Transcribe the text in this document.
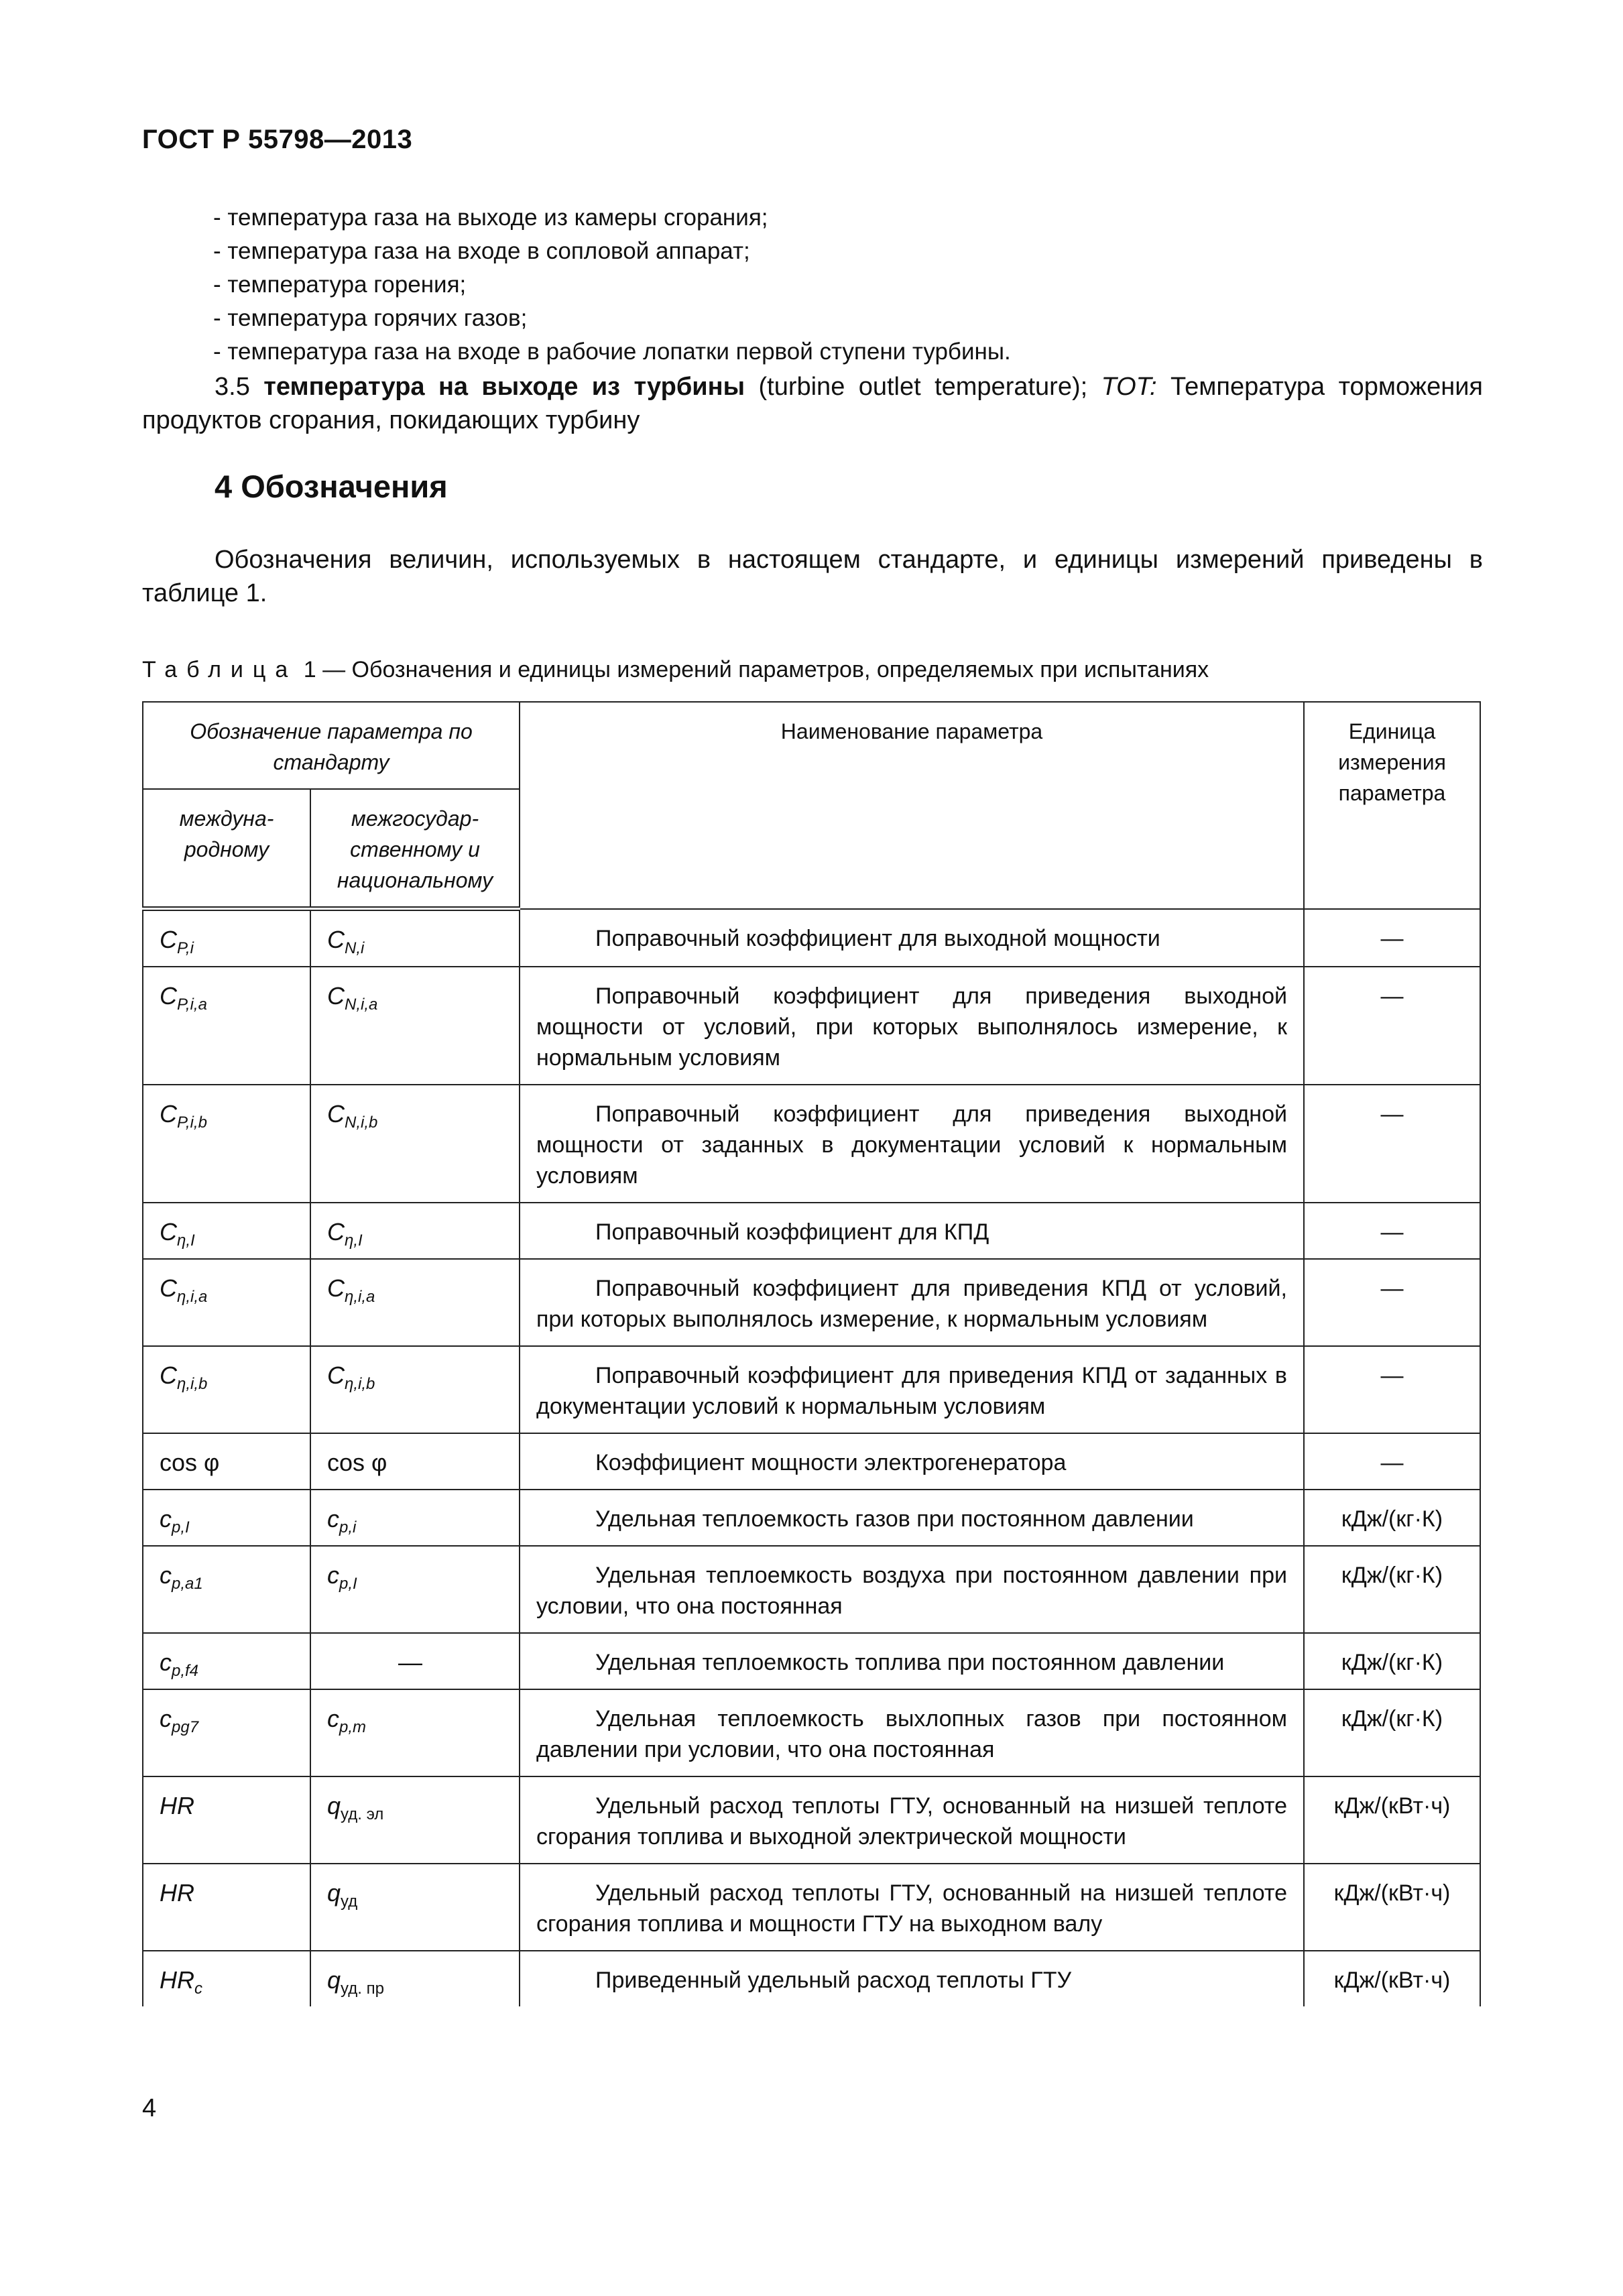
ГОСТ Р 55798—2013
- температура газа на выходе из камеры сгорания;
- температура газа на входе в сопловой аппарат;
- температура горения;
- температура горячих газов;
- температура газа на входе в рабочие лопатки первой ступени турбины.
3.5 температура на выходе из турбины (turbine outlet temperature); TOT: Температура торможения продуктов сгорания, покидающих турбину
4 Обозначения
Обозначения величин, используемых в настоящем стандарте, и единицы измерений приведены в таблице 1.
Таблица 1 — Обозначения и единицы измерений параметров, определяемых при испытаниях
Обозначение параметра по стандарту		Наименование параметра	Единица измерения параметра
междуна-родному	межгосудар-ственному и национальному		
$C_{P,i}$	$C_{N,i}$	Поправочный коэффициент для выходной мощности	—
$C_{P,i,a}$	$C_{N,i,a}$	Поправочный коэффициент для приведения выходной мощности от условий, при которых выполнялось измерение, к нормальным условиям	—
$C_{P,i,b}$	$C_{N,i,b}$	Поправочный коэффициент для приведения выходной мощности от заданных в документации условий к нормальным условиям	—
$C_{\eta,I}$	$C_{\eta,I}$	Поправочный коэффициент для КПД	—
$C_{\eta,i,a}$	$C_{\eta,i,a}$	Поправочный коэффициент для приведения КПД от условий, при которых выполнялось измерение, к нормальным условиям	—
$C_{\eta,i,b}$	$C_{\eta,i,b}$	Поправочный коэффициент для приведения КПД от заданных в документации условий к нормальным условиям	—
cos φ	cos φ	Коэффициент мощности электрогенератора	—
$c_{p,I}$	$c_{p,i}$	Удельная теплоемкость газов при постоянном давлении	кДж/(кг·К)
$c_{p,a1}$	$c_{p,I}$	Удельная теплоемкость воздуха при постоянном давлении при условии, что она постоянная	кДж/(кг·К)
$c_{p,f4}$	—	Удельная теплоемкость топлива при постоянном давлении	кДж/(кг·К)
$c_{pg7}$	$c_{p,m}$	Удельная теплоемкость выхлопных газов при постоянном давлении при условии, что она постоянная	кДж/(кг·К)
HR	$q_{уд. эл}$	Удельный расход теплоты ГТУ, основанный на низшей теплоте сгорания топлива и выходной электрической мощности	кДж/(кВт·ч)
HR	$q_{уд}$	Удельный расход теплоты ГТУ, основанный на низшей теплоте сгорания топлива и мощности ГТУ на выходном валу	кДж/(кВт·ч)
$HR_c$	$q_{уд. пр}$	Приведенный удельный расход теплоты ГТУ	кДж/(кВт·ч)
4
